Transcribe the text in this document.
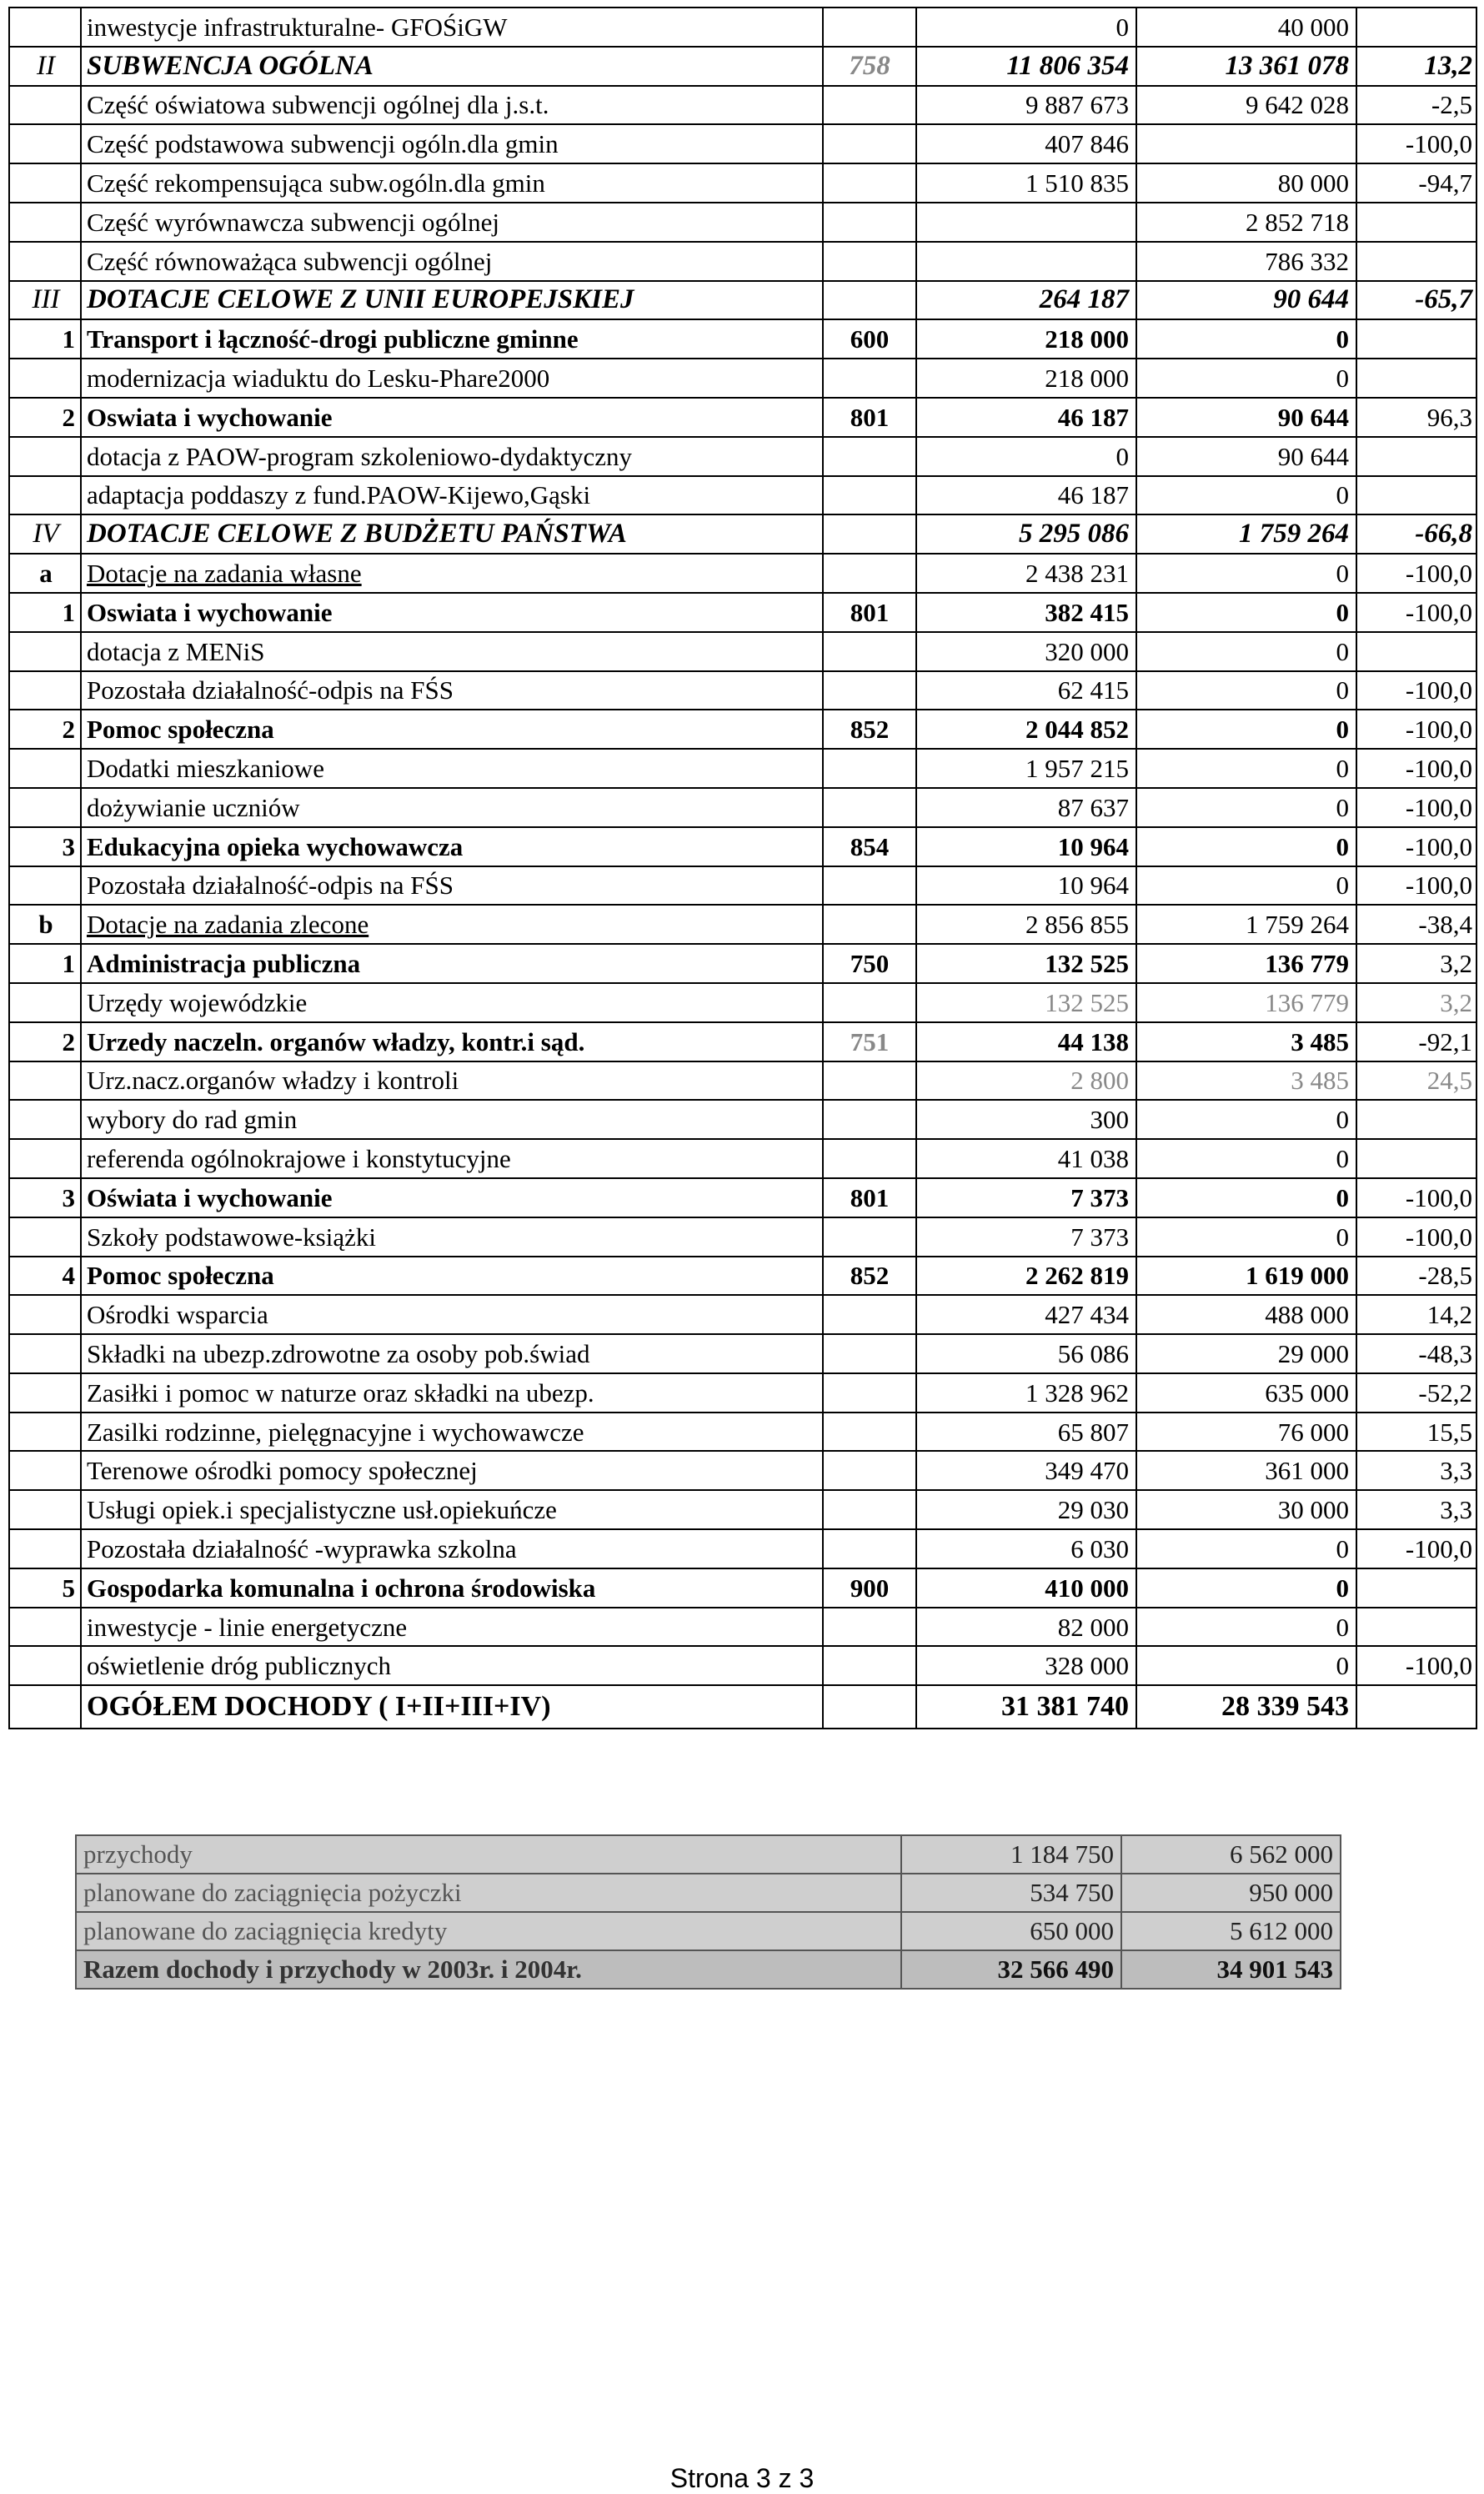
	inwestycje infrastrukturalne- GFOŚiGW		0	40 000	
II	SUBWENCJA OGÓLNA	758	11 806 354	13 361 078	13,2
	Część oświatowa subwencji ogólnej dla j.s.t.		9 887 673	9 642 028	-2,5
	Część podstawowa subwencji ogóln.dla gmin		407 846		-100,0
	Część rekompensująca subw.ogóln.dla gmin		1 510 835	80 000	-94,7
	Część wyrównawcza subwencji ogólnej			2 852 718	
	Część równoważąca subwencji ogólnej			786 332	
III	DOTACJE CELOWE Z UNII EUROPEJSKIEJ		264 187	90 644	-65,7
1	Transport i łączność-drogi publiczne gminne	600	218 000	0	
	modernizacja wiaduktu do Lesku-Phare2000		218 000	0	
2	Oswiata i wychowanie	801	46 187	90 644	96,3
	dotacja z PAOW-program szkoleniowo-dydaktyczny		0	90 644	
	adaptacja poddaszy z fund.PAOW-Kijewo,Gąski		46 187	0	
IV	DOTACJE CELOWE Z BUDŻETU PAŃSTWA		5 295 086	1 759 264	-66,8
a	Dotacje na zadania własne		2 438 231	0	-100,0
1	Oswiata i wychowanie	801	382 415	0	-100,0
	dotacja z MENiS		320 000	0	
	Pozostała działalność-odpis na FŚS		62 415	0	-100,0
2	Pomoc społeczna	852	2 044 852	0	-100,0
	Dodatki mieszkaniowe		1 957 215	0	-100,0
	dożywianie uczniów		87 637	0	-100,0
3	Edukacyjna opieka wychowawcza	854	10 964	0	-100,0
	Pozostała działalność-odpis na FŚS		10 964	0	-100,0
b	Dotacje na zadania zlecone		2 856 855	1 759 264	-38,4
1	Administracja publiczna	750	132 525	136 779	3,2
	Urzędy wojewódzkie		132 525	136 779	3,2
2	Urzedy naczeln. organów władzy, kontr.i sąd.	751	44 138	3 485	-92,1
	Urz.nacz.organów władzy i kontroli		2 800	3 485	24,5
	wybory do rad gmin		300	0	
	referenda ogólnokrajowe i konstytucyjne		41 038	0	
3	Oświata i wychowanie	801	7 373	0	-100,0
	Szkoły podstawowe-książki		7 373	0	-100,0
4	Pomoc społeczna	852	2 262 819	1 619 000	-28,5
	Ośrodki wsparcia		427 434	488 000	14,2
	Składki na ubezp.zdrowotne za osoby pob.świad		56 086	29 000	-48,3
	Zasiłki i pomoc w naturze oraz składki na ubezp.		1 328 962	635 000	-52,2
	Zasilki rodzinne, pielęgnacyjne i wychowawcze		65 807	76 000	15,5
	Terenowe ośrodki pomocy społecznej		349 470	361 000	3,3
	Usługi opiek.i specjalistyczne usł.opiekuńcze		29 030	30 000	3,3
	Pozostała działalność -wyprawka szkolna		6 030	0	-100,0
5	Gospodarka komunalna i ochrona środowiska	900	410 000	0	
	inwestycje - linie energetyczne		82 000	0	
	oświetlenie dróg publicznych		328 000	0	-100,0
	OGÓŁEM DOCHODY ( I+II+III+IV)		31 381 740	28 339 543	
przychody	1 184 750	6 562 000
planowane do zaciągnięcia pożyczki	534 750	950 000
planowane do zaciągnięcia kredyty	650 000	5 612 000
Razem dochody i przychody w 2003r. i 2004r.	32 566 490	34 901 543
Strona 3 z 3
